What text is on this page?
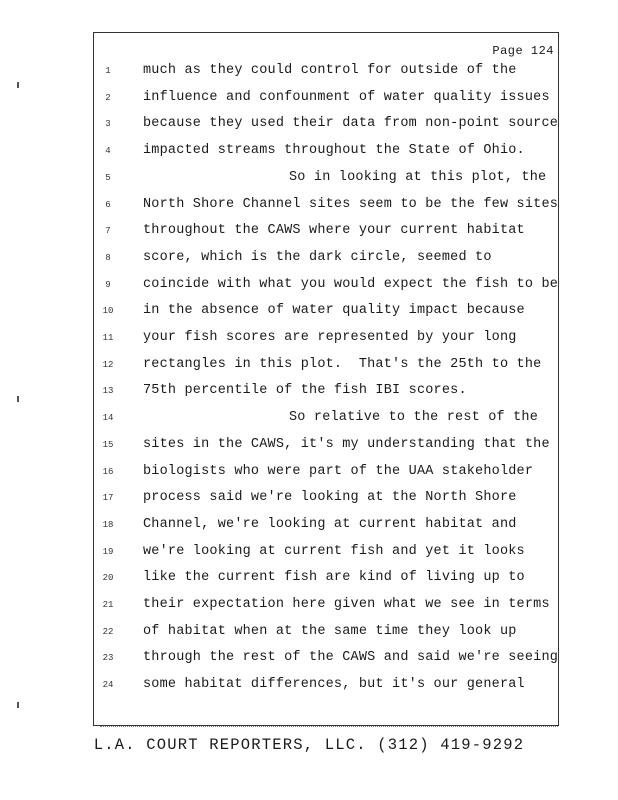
Page 124
1	much as they could control for outside of the
2	influence and confounment of water quality issues
3	because they used their data from non-point source
4	impacted streams throughout the State of Ohio.
5	So in looking at this plot, the
6	North Shore Channel sites seem to be the few sites
7	throughout the CAWS where your current habitat
8	score, which is the dark circle, seemed to
9	coincide with what you would expect the fish to be
10	in the absence of water quality impact because
11	your fish scores are represented by your long
12	rectangles in this plot.  That's the 25th to the
13	75th percentile of the fish IBI scores.
14	So relative to the rest of the
15	sites in the CAWS, it's my understanding that the
16	biologists who were part of the UAA stakeholder
17	process said we're looking at the North Shore
18	Channel, we're looking at current habitat and
19	we're looking at current fish and yet it looks
20	like the current fish are kind of living up to
21	their expectation here given what we see in terms
22	of habitat when at the same time they look up
23	through the rest of the CAWS and said we're seeing
24	some habitat differences, but it's our general
L.A. COURT REPORTERS, LLC. (312) 419-9292
